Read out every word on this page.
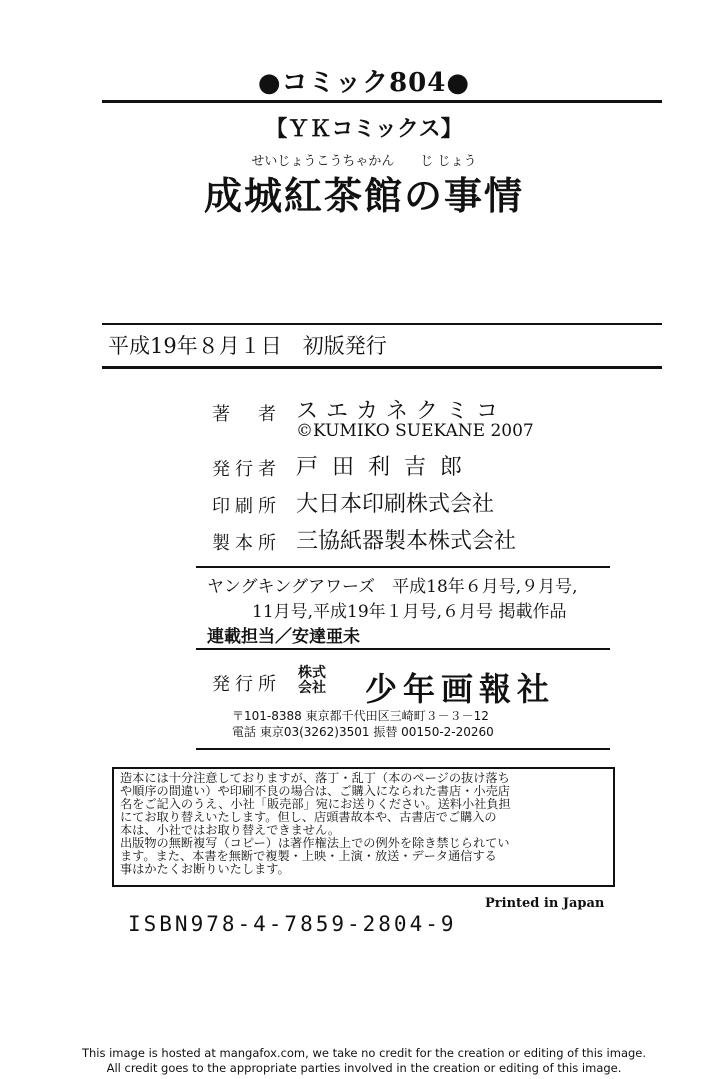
●コミック804●
【ＹＫコミックス】
せいじょうこうちゃかん　　じ じょう
成城紅茶館の事情
平成19年８月１日　初版発行
著者 スエカネクミコ
©KUMIKO SUEKANE 2007
発行者 戸田利吉郎
印刷所 大日本印刷株式会社
製本所 三協紙器製本株式会社
ヤングキングアワーズ　平成18年６月号,９月号,
11月号,平成19年１月号,６月号 掲載作品
連載担当／安達亜未
発行所
株式
会社 少年画報社
〒101-8388 東京都千代田区三崎町３－３－12
電話 東京03(3262)3501 振替 00150-2-20260
造本には十分注意しておりますが、落丁・乱丁（本のページの抜け落ち
や順序の間違い）や印刷不良の場合は、ご購入になられた書店・小売店
名をご記入のうえ、小社「販売部」宛にお送りください。送料小社負担
にてお取り替えいたします。但し、店頭書故本や、古書店でご購入の
本は、小社ではお取り替えできません。
出版物の無断複写（コピー）は著作権法上での例外を除き禁じられてい
ます。また、本書を無断で複製・上映・上演・放送・データ通信する
事はかたくお断りいたします。
Printed in Japan
ISBN978-4-7859-2804-9
This image is hosted at mangafox.com, we take no credit for the creation or editing of this image.
All credit goes to the appropriate parties involved in the creation or editing of this image.
